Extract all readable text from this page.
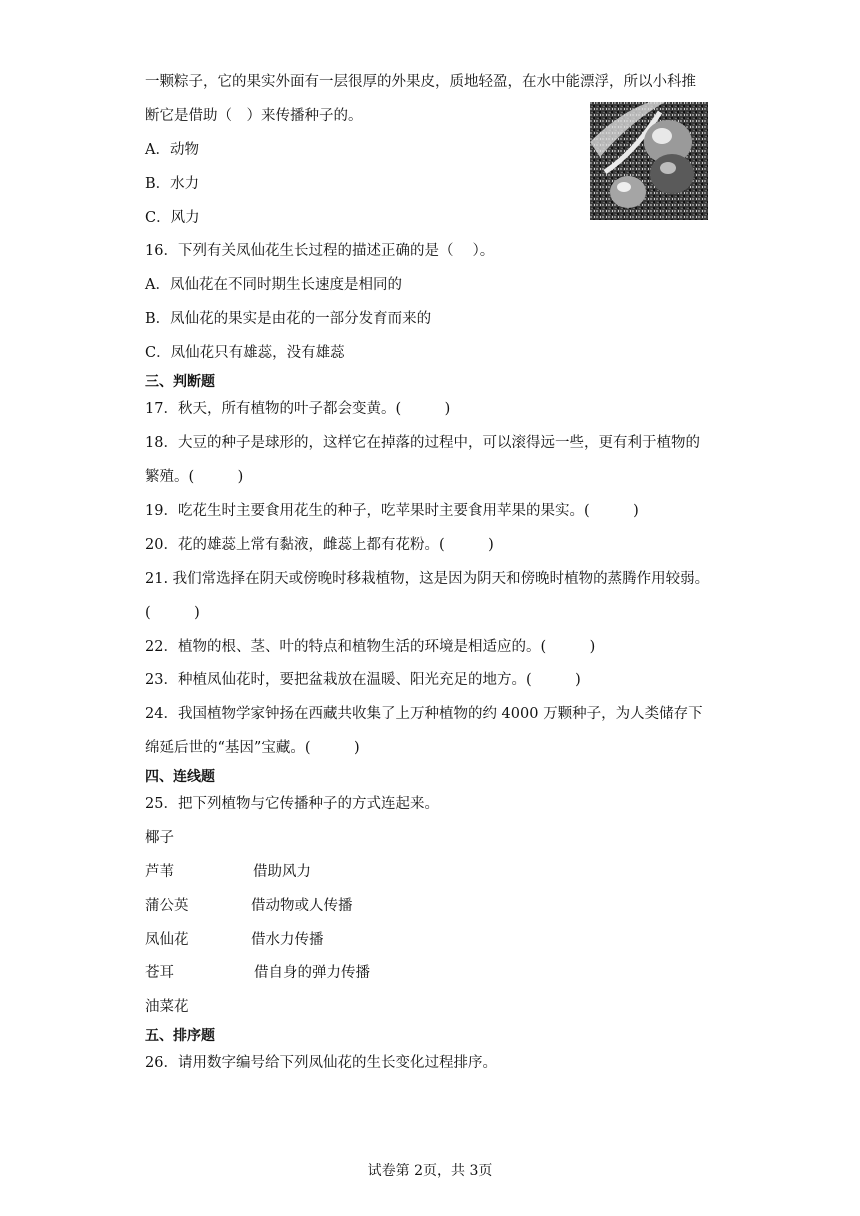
一颗粽子，它的果实外面有一层很厚的外果皮，质地轻盈，在水中能漂浮，所以小科推
断它是借助（　）来传播种子的。
A．动物
B．水力
C．风力
16．下列有关凤仙花生长过程的描述正确的是（　 ）。
A．凤仙花在不同时期生长速度是相同的
B．凤仙花的果实是由花的一部分发育而来的
C．凤仙花只有雄蕊，没有雄蕊
三、判断题
17．秋天，所有植物的叶子都会变黄。(　　　)
18．大豆的种子是球形的，这样它在掉落的过程中，可以滚得远一些，更有利于植物的
繁殖。(　　　)
19．吃花生时主要食用花生的种子，吃苹果时主要食用苹果的果实。(　　　)
20．花的雄蕊上常有黏液，雌蕊上都有花粉。(　　　)
21. 我们常选择在阴天或傍晚时移栽植物，这是因为阴天和傍晚时植物的蒸腾作用较弱。
(　　　)
22．植物的根、茎、叶的特点和植物生活的环境是相适应的。(　　　)
23．种植凤仙花时，要把盆栽放在温暖、阳光充足的地方。(　　　)
24．我国植物学家钟扬在西藏共收集了上万种植物的约 4000 万颗种子，为人类储存下
绵延后世的“基因”宝藏。(　　　)
四、连线题
25．把下列植物与它传播种子的方式连起来。
椰子
芦苇
蒲公英
凤仙花
苍耳
油菜花
借助风力
借动物或人传播
借水力传播
借自身的弹力传播
五、排序题
26．请用数字编号给下列凤仙花的生长变化过程排序。
试卷第 2页，共 3页
